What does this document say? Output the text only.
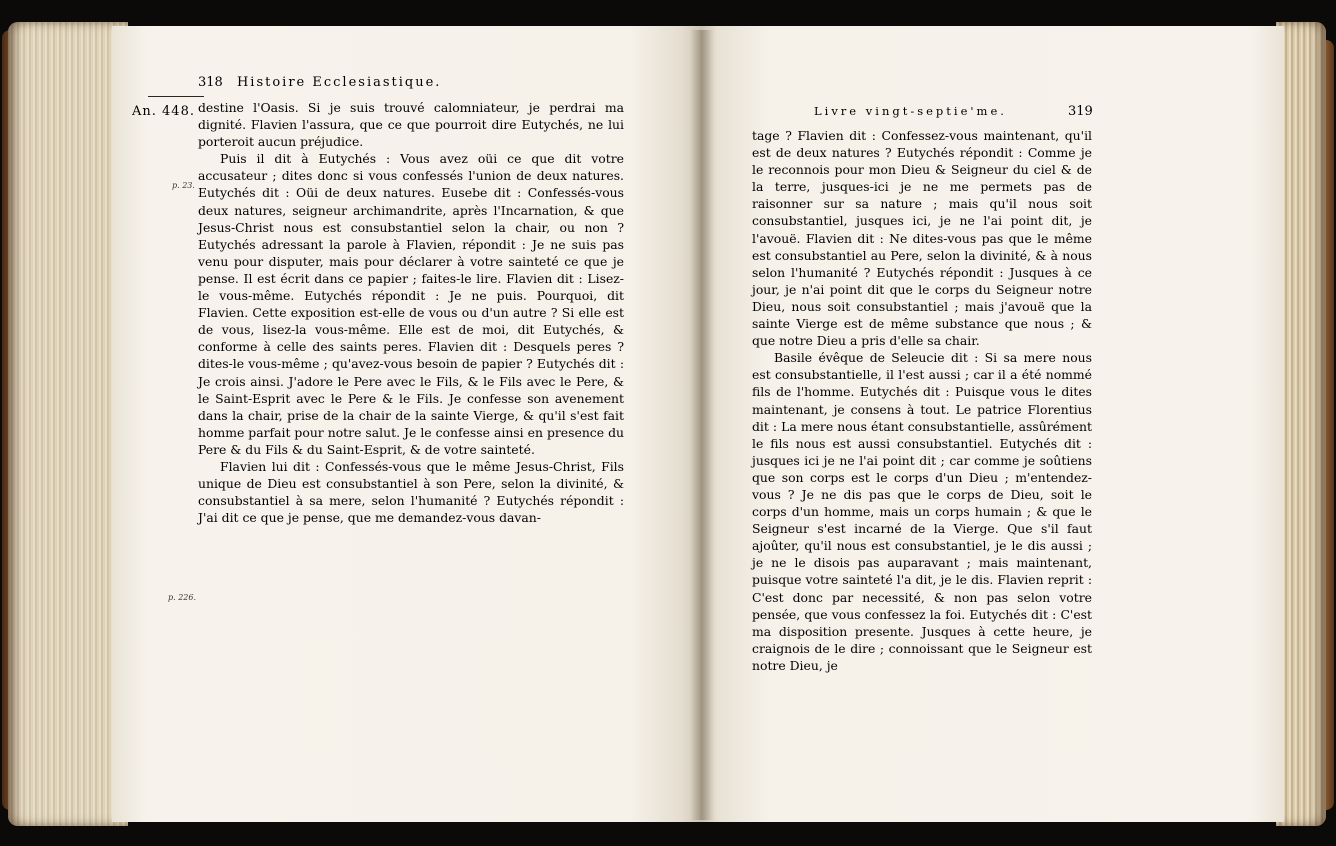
318 Histoire Ecclesiastique.
An. 448.
p. 23.
p. 226.

destine l'Oasis. Si je suis trouvé calomniateur, je perdrai ma dignité. Flavien l'assura, que ce que pourroit dire Eutychés, ne lui porteroit aucun préjudice.

Puis il dit à Eutychés : Vous avez oüi ce que dit votre accusateur ; dites donc si vous confessés l'union de deux natures. Eutychés dit : Oüi de deux natures. Eusebe dit : Confessés-vous deux natures, seigneur archimandrite, après l'Incarnation, & que Jesus-Christ nous est consubstantiel selon la chair, ou non ? Eutychés adressant la parole à Flavien, répondit : Je ne suis pas venu pour disputer, mais pour déclarer à votre sainteté ce que je pense. Il est écrit dans ce papier ; faites-le lire. Flavien dit : Lisez-le vous-même. Eutychés répondit : Je ne puis. Pourquoi, dit Flavien. Cette exposition est-elle de vous ou d'un autre ? Si elle est de vous, lisez-la vous-même. Elle est de moi, dit Eutychés, & conforme à celle des saints peres. Flavien dit : Desquels peres ? dites-le vous-même ; qu'avez-vous besoin de papier ? Eutychés dit : Je crois ainsi. J'adore le Pere avec le Fils, & le Fils avec le Pere, & le Saint-Esprit avec le Pere & le Fils. Je confesse son avenement dans la chair, prise de la chair de la sainte Vierge, & qu'il s'est fait homme parfait pour notre salut. Je le confesse ainsi en presence du Pere & du Fils & du Saint-Esprit, & de votre sainteté.

Flavien lui dit : Confessés-vous que le même Jesus-Christ, Fils unique de Dieu est consubstantiel à son Pere, selon la divinité, & consubstantiel à sa mere, selon l'humanité ? Eutychés répondit : J'ai dit ce que je pense, que me demandez-vous davan-

Livre vingt-septie'me.	319

tage ? Flavien dit : Confessez-vous maintenant, qu'il est de deux natures ? Eutychés répondit : Comme je le reconnois pour mon Dieu & Seigneur du ciel & de la terre, jusques-ici je ne me permets pas de raisonner sur sa nature ; mais qu'il nous soit consubstantiel, jusques ici, je ne l'ai point dit, je l'avouë. Flavien dit : Ne dites-vous pas que le même est consubstantiel au Pere, selon la divinité, & à nous selon l'humanité ? Eutychés répondit : Jusques à ce jour, je n'ai point dit que le corps du Seigneur notre Dieu, nous soit consubstantiel ; mais j'avouë que la sainte Vierge est de même substance que nous ; & que notre Dieu a pris d'elle sa chair.

Basile évêque de Seleucie dit : Si sa mere nous est consubstantielle, il l'est aussi ; car il a été nommé fils de l'homme. Eutychés dit : Puisque vous le dites maintenant, je consens à tout. Le patrice Florentius dit : La mere nous étant consubstantielle, assûrément le fils nous est aussi consubstantiel. Eutychés dit : jusques ici je ne l'ai point dit ; car comme je soûtiens que son corps est le corps d'un Dieu ; m'entendez-vous ? Je ne dis pas que le corps de Dieu, soit le corps d'un homme, mais un corps humain ; & que le Seigneur s'est incarné de la Vierge. Que s'il faut ajoûter, qu'il nous est consubstantiel, je le dis aussi ; je ne le disois pas auparavant ; mais maintenant, puisque votre sainteté l'a dit, je le dis. Flavien reprit : C'est donc par necessité, & non pas selon votre pensée, que vous confessez la foi. Eutychés dit : C'est ma disposition presente. Jusques à cette heure, je craignois de le dire ; connoissant que le Seigneur est notre Dieu, je
